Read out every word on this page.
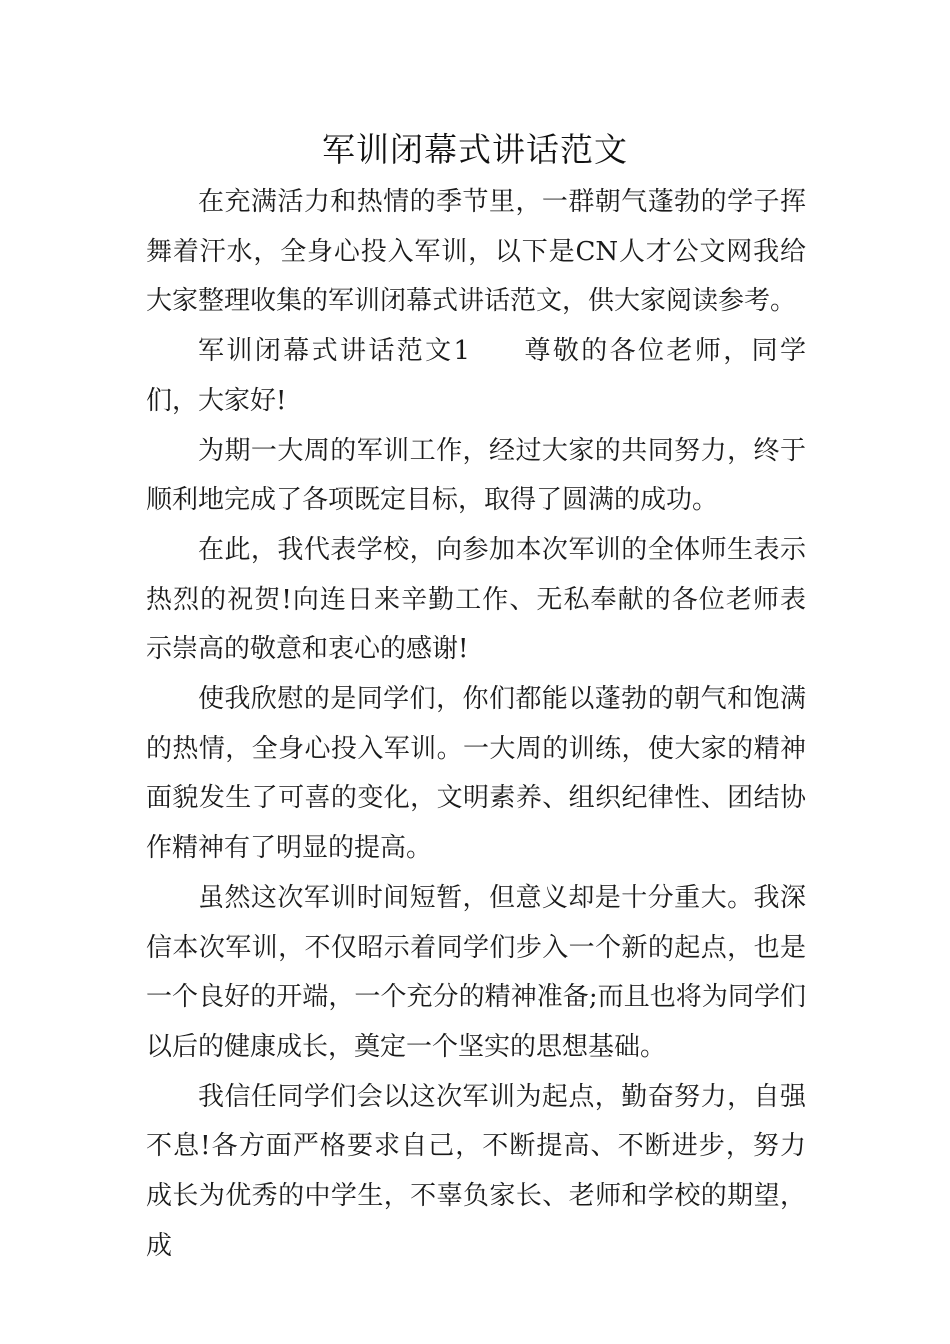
军训闭幕式讲话范文

在充满活力和热情的季节里，一群朝气蓬勃的学子挥舞着汗水，全身心投入军训，以下是CN人才公文网我给大家整理收集的军训闭幕式讲话范文，供大家阅读参考。

军训闭幕式讲话范文1 尊敬的各位老师，同学们，大家好!

为期一大周的军训工作，经过大家的共同努力，终于顺利地完成了各项既定目标，取得了圆满的成功。

在此，我代表学校，向参加本次军训的全体师生表示热烈的祝贺!向连日来辛勤工作、无私奉献的各位老师表示崇高的敬意和衷心的感谢!

使我欣慰的是同学们，你们都能以蓬勃的朝气和饱满的热情，全身心投入军训。一大周的训练，使大家的精神面貌发生了可喜的变化，文明素养、组织纪律性、团结协作精神有了明显的提高。

虽然这次军训时间短暂，但意义却是十分重大。我深信本次军训，不仅昭示着同学们步入一个新的起点，也是一个良好的开端，一个充分的精神准备;而且也将为同学们以后的健康成长，奠定一个坚实的思想基础。

我信任同学们会以这次军训为起点，勤奋努力，自强不息!各方面严格要求自己，不断提高、不断进步，努力成长为优秀的中学生，不辜负家长、老师和学校的期望，成
